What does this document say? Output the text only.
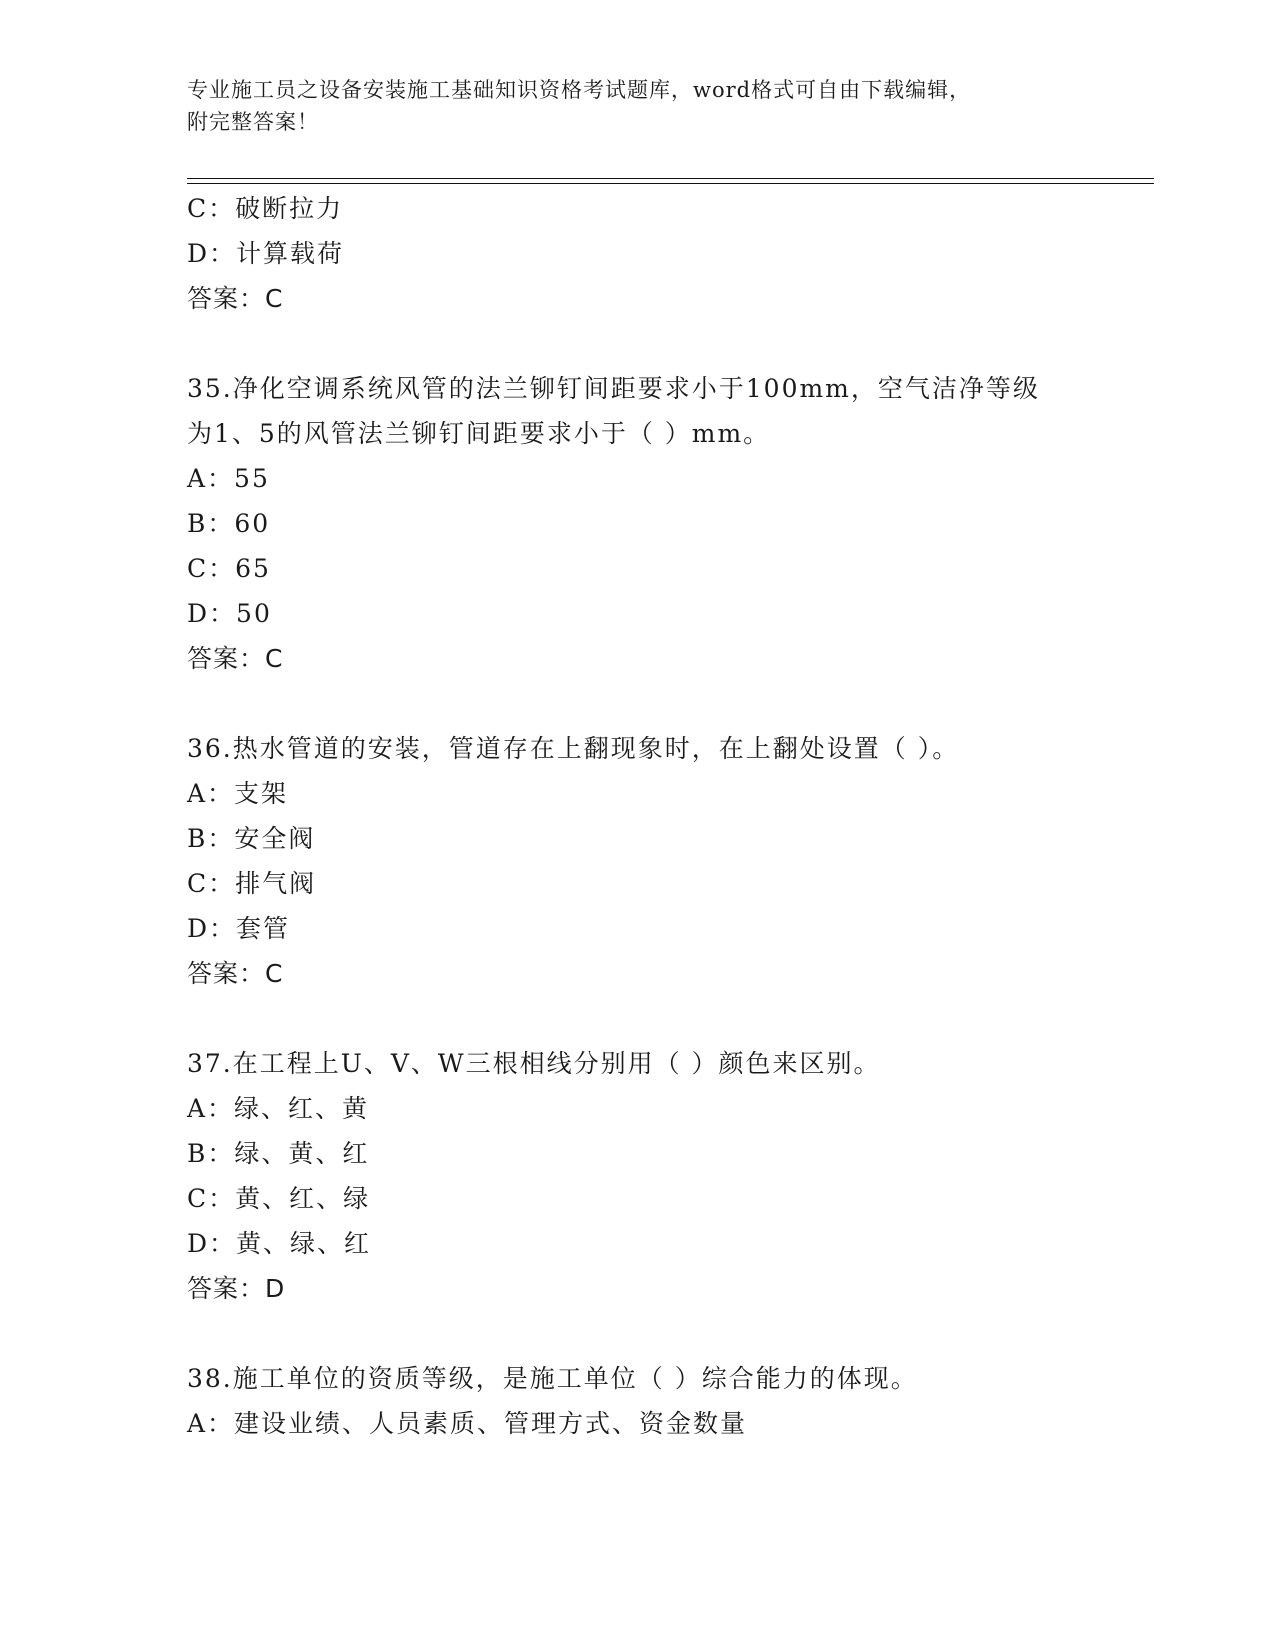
专业施工员之设备安装施工基础知识资格考试题库，word格式可自由下载编辑，
附完整答案！
C：破断拉力
D：计算载荷
答案：C
35.净化空调系统风管的法兰铆钉间距要求小于100mm，空气洁净等级
为1、5的风管法兰铆钉间距要求小于（ ）mm。
A：55
B：60
C：65
D：50
答案：C
36.热水管道的安装，管道存在上翻现象时，在上翻处设置（ ）。
A：支架
B：安全阀
C：排气阀
D：套管
答案：C
37.在工程上U、V、W三根相线分别用（ ）颜色来区别。
A：绿、红、黄
B：绿、黄、红
C：黄、红、绿
D：黄、绿、红
答案：D
38.施工单位的资质等级，是施工单位（ ）综合能力的体现。
A：建设业绩、人员素质、管理方式、资金数量
